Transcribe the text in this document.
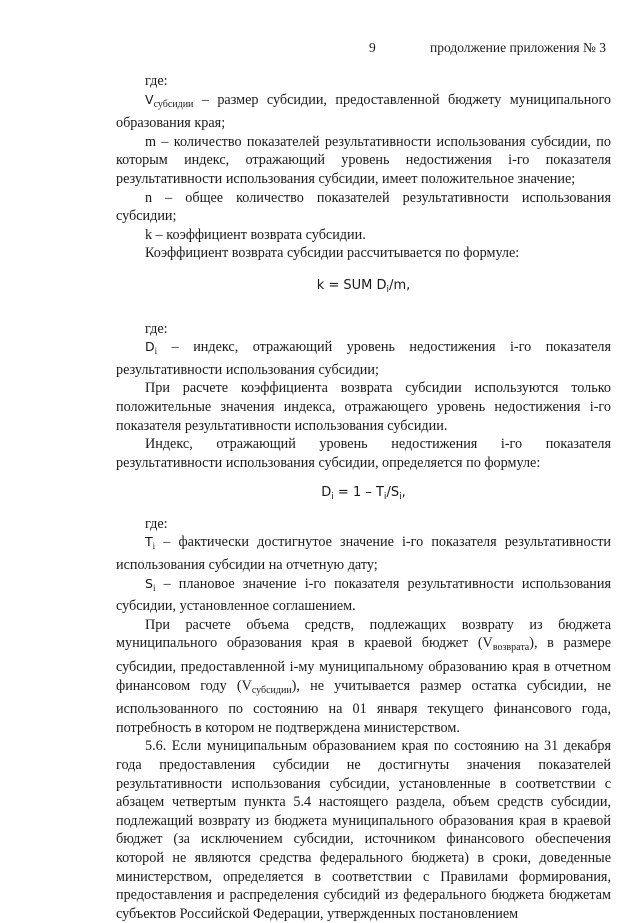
9	продолжение приложения № 3

где:

$V_{субсидии}$ – размер субсидии, предоставленной бюджету муниципального образования края;

m – количество показателей результативности использования субсидии, по которым индекс, отражающий уровень недостижения i-го показателя результативности использования субсидии, имеет положительное значение;

n – общее количество показателей результативности использования субсидии;

k – коэффициент возврата субсидии.

Коэффициент возврата субсидии рассчитывается по формуле:

k = SUM $D_i/m$,

где:

$D_i$ – индекс, отражающий уровень недостижения i-го показателя результативности использования субсидии;

При расчете коэффициента возврата субсидии используются только положительные значения индекса, отражающего уровень недостижения i-го показателя результативности использования субсидии.

Индекс, отражающий уровень недостижения i-го показателя результативности использования субсидии, определяется по формуле:

$D_i = 1 - T_i/S_i$,

где:

$T_i$ – фактически достигнутое значение i-го показателя результативности использования субсидии на отчетную дату;

$S_i$ – плановое значение i-го показателя результативности использования субсидии, установленное соглашением.

При расчете объема средств, подлежащих возврату из бюджета муниципального образования края в краевой бюджет $(V_{возврата})$, в размере субсидии, предоставленной i-му муниципальному образованию края в отчетном финансовом году $(V_{субсидии})$, не учитывается размер остатка субсидии, не использованного по состоянию на 01 января текущего финансового года, потребность в котором не подтверждена министерством.

5.6. Если муниципальным образованием края по состоянию на 31 декабря года предоставления субсидии не достигнуты значения показателей результативности использования субсидии, установленные в соответствии с абзацем четвертым пункта 5.4 настоящего раздела, объем средств субсидии, подлежащий возврату из бюджета муниципального образования края в краевой бюджет (за исключением субсидии, источником финансового обеспечения которой не являются средства федерального бюджета) в сроки, доведенные министерством, определяется в соответствии с Правилами формирования, предоставления и распределения субсидий из федерального бюджета бюджетам субъектов Российской Федерации, утвержденных постановлением
